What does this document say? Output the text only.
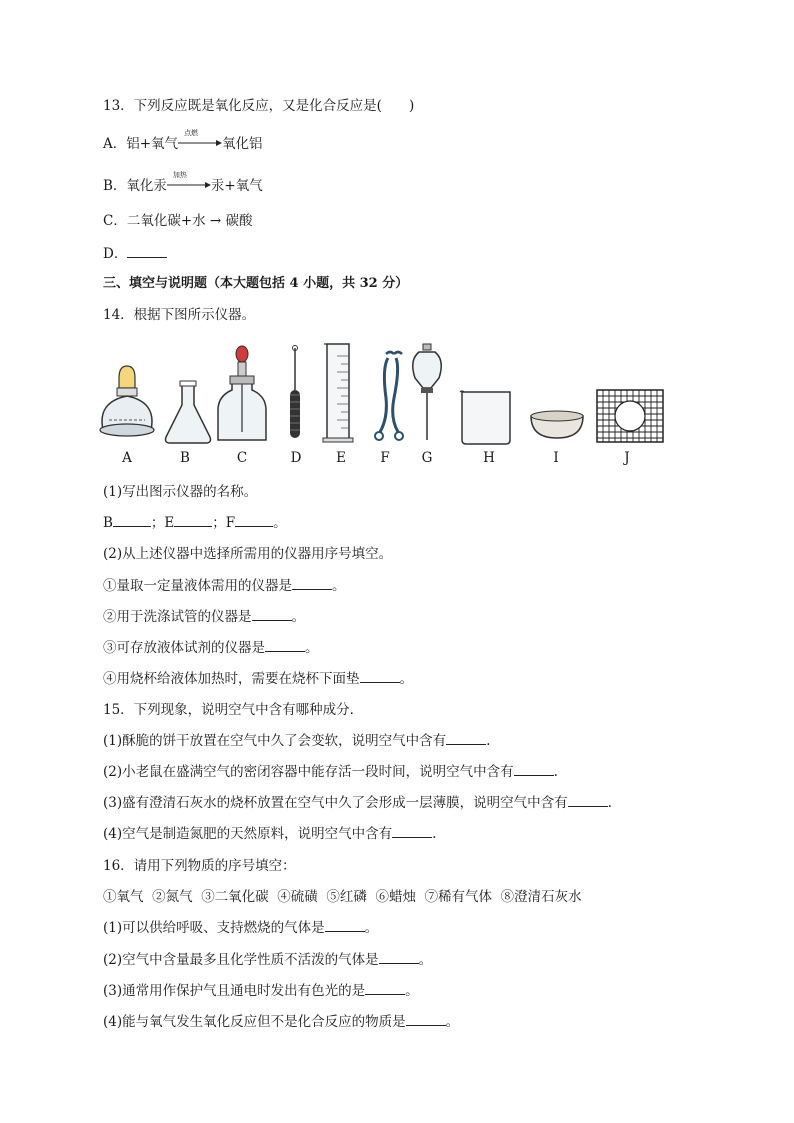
13．下列反应既是氧化反应，又是化合反应是(　　)
A．铝+氧气
点燃
氧化铝
B．氧化汞
加热
汞+氧气
C．二氧化碳+水 → 碳酸
D．
三、填空与说明题（本大题包括 4 小题，共 32 分）
14．根据下图所示仪器。
A	B	C	D	E	F	G	H	I	J
(1)写出图示仪器的名称。
B	；E	；F	。
(2)从上述仪器中选择所需用的仪器用序号填空。
①量取一定量液体需用的仪器是	。
②用于洗涤试管的仪器是	。
③可存放液体试剂的仪器是	。
④用烧杯给液体加热时，需要在烧杯下面垫	。
15．下列现象，说明空气中含有哪种成分．
(1)酥脆的饼干放置在空气中久了会变软，说明空气中含有	.
(2)小老鼠在盛满空气的密闭容器中能存活一段时间，说明空气中含有	.
(3)盛有澄清石灰水的烧杯放置在空气中久了会形成一层薄膜，说明空气中含有	.
(4)空气是制造氮肥的天然原料，说明空气中含有	.
16．请用下列物质的序号填空：
①氧气 ②氮气 ③二氧化碳 ④硫磺 ⑤红磷 ⑥蜡烛 ⑦稀有气体 ⑧澄清石灰水
(1)可以供给呼吸、支持燃烧的气体是	。
(2)空气中含量最多且化学性质不活泼的气体是	。
(3)通常用作保护气且通电时发出有色光的是	。
(4)能与氧气发生氧化反应但不是化合反应的物质是	。
